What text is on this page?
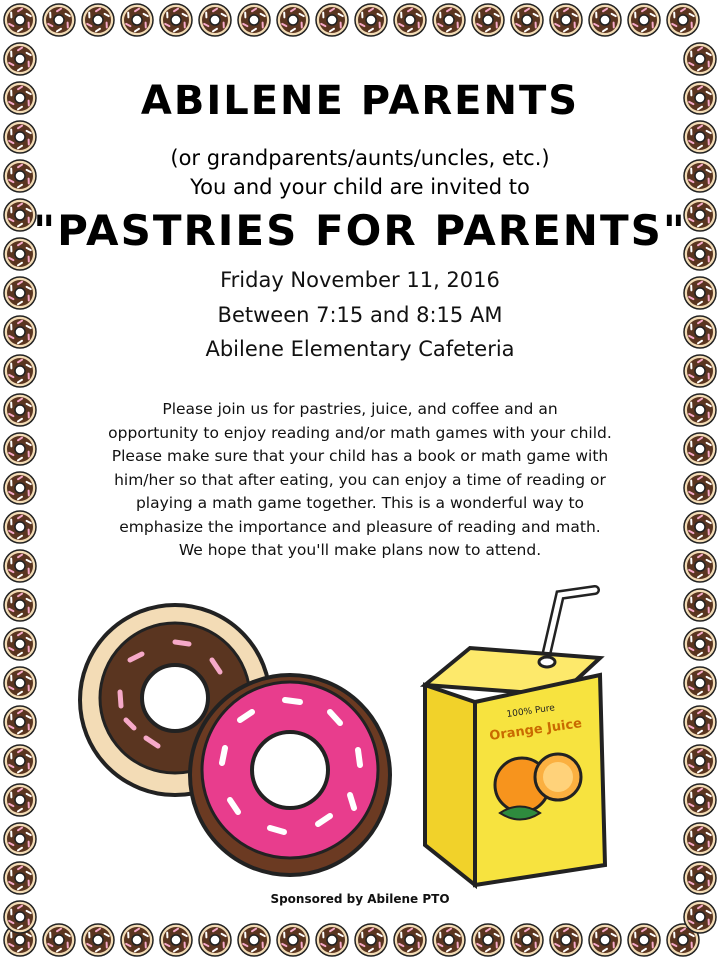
ABILENE PARENTS
(or grandparents/aunts/uncles, etc.)
You and your child are invited to
"PASTRIES FOR PARENTS"
Friday November 11, 2016
Between 7:15 and 8:15 AM
Abilene Elementary Cafeteria
Please join us for pastries, juice, and coffee and an
opportunity to enjoy reading and/or math games with your child.
Please make sure that your child has a book or math game with
him/her so that after eating, you can enjoy a time of reading or
playing a math game together. This is a wonderful way to
emphasize the importance and pleasure of reading and math.
We hope that you'll make plans now to attend.
100% Pure
Orange Juice
Sponsored by Abilene PTO
